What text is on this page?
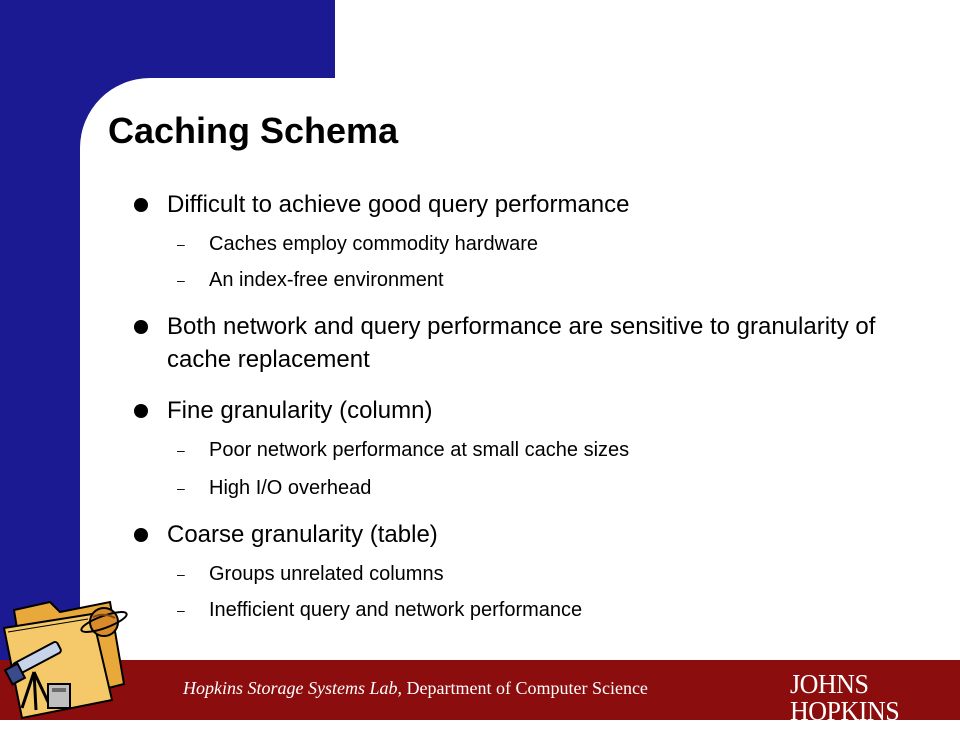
Caching Schema
Difficult to achieve good query performance
– Caches employ commodity hardware
– An index-free environment
Both network and query performance are sensitive to granularity of cache replacement
Fine granularity (column)
– Poor network performance at small cache sizes
– High I/O overhead
Coarse granularity (table)
– Groups unrelated columns
– Inefficient query and network performance
Hopkins Storage Systems Lab, Department of Computer Science	JOHNS HOPKINS
UNIVERSITY
